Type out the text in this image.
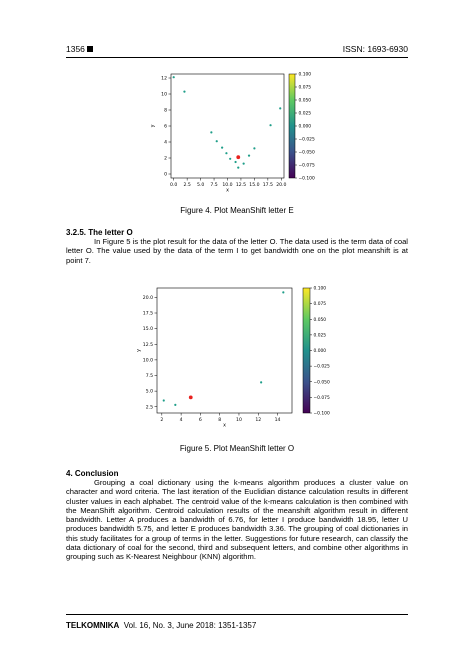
1356	ISSN: 1693-6930
0.0 2.5 5.0 7.5 10.0 12.5 15.0 17.5 20.0
0
2
4
6
8
10
12
x
y
0.100
0.075
0.050
0.025
0.000
−0.025
−0.050
−0.075
−0.100
Figure 4. Plot MeanShift letter E
3.2.5. The letter O
In Figure 5 is the plot result for the data of the letter O. The data used is the term data of coal letter O. The value used by the data of the term I to get bandwidth one on the plot meanshift is at point 7.
2	4	6	8	10	12	14
2.5
5.0
7.5
10.0
12.5
15.0
17.5
20.0
x
y
0.100
0.075
0.050
0.025
0.000
−0.025
−0.050
−0.075
−0.100
Figure 5. Plot MeanShift letter O
4. Conclusion
Grouping a coal dictionary using the k-means algorithm produces a cluster value on character and word criteria. The last iteration of the Euclidian distance calculation results in different cluster values in each alphabet. The centroid value of the k-means calculation is then combined with the MeanShift algorithm. Centroid calculation results of the meanshift algorithm result in different bandwidth. Letter A produces a bandwidth of 6.76, for letter I produce bandwidth 18.95, letter U produces bandwidth 5.75, and letter E produces bandwidth 3.36. The grouping of coal dictionaries in this study facilitates for a group of terms in the letter. Suggestions for future research, can classify the data dictionary of coal for the second, third and subsequent letters, and combine other algorithms in grouping such as K-Nearest Neighbour (KNN) algorithm.
TELKOMNIKA Vol. 16, No. 3, June 2018: 1351-1357
